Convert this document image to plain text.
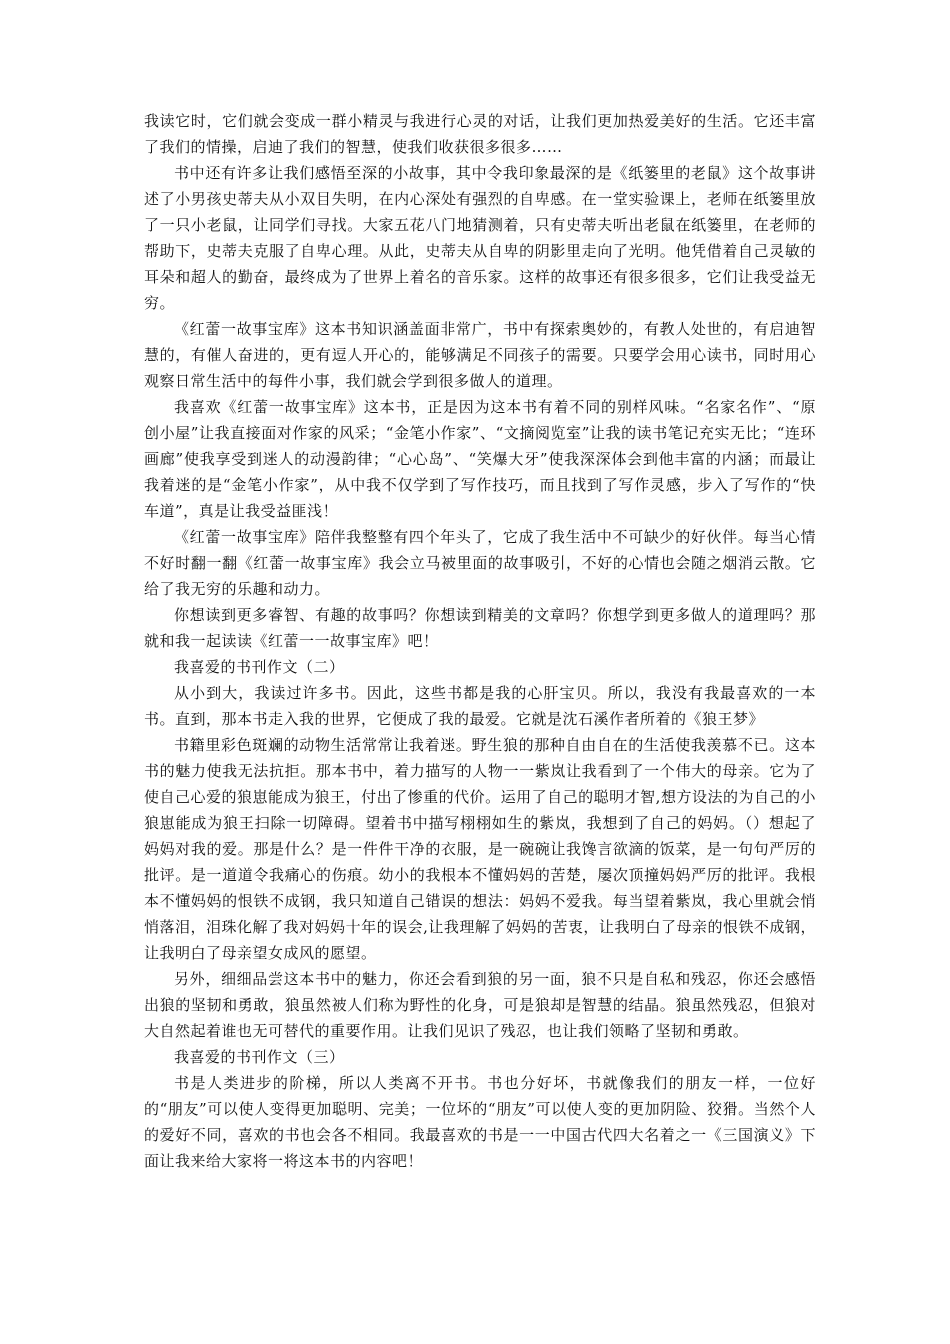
我读它时，它们就会变成一群小精灵与我进行心灵的对话，让我们更加热爱美好的生活。它还丰富了我们的情操，启迪了我们的智慧，使我们收获很多很多……

书中还有许多让我们感悟至深的小故事，其中令我印象最深的是《纸篓里的老鼠》这个故事讲述了小男孩史蒂夫从小双目失明，在内心深处有强烈的自卑感。在一堂实验课上，老师在纸篓里放了一只小老鼠，让同学们寻找。大家五花八门地猜测着，只有史蒂夫听出老鼠在纸篓里，在老师的帮助下，史蒂夫克服了自卑心理。从此，史蒂夫从自卑的阴影里走向了光明。他凭借着自己灵敏的耳朵和超人的勤奋，最终成为了世界上着名的音乐家。这样的故事还有很多很多，它们让我受益无穷。

《红蕾一故事宝库》这本书知识涵盖面非常广，书中有探索奥妙的，有教人处世的，有启迪智慧的，有催人奋进的，更有逗人开心的，能够满足不同孩子的需要。只要学会用心读书，同时用心观察日常生活中的每件小事，我们就会学到很多做人的道理。

我喜欢《红蕾一故事宝库》这本书，正是因为这本书有着不同的别样风味。“名家名作”、“原创小屋”让我直接面对作家的风采；“金笔小作家”、“文摘阅览室”让我的读书笔记充实无比；“连环画廊”使我享受到迷人的动漫韵律；“心心岛”、“笑爆大牙”使我深深体会到他丰富的内涵；而最让我着迷的是“金笔小作家”，从中我不仅学到了写作技巧，而且找到了写作灵感，步入了写作的“快车道”，真是让我受益匪浅！

《红蕾一故事宝库》陪伴我整整有四个年头了，它成了我生活中不可缺少的好伙伴。每当心情不好时翻一翻《红蕾一故事宝库》我会立马被里面的故事吸引，不好的心情也会随之烟消云散。它给了我无穷的乐趣和动力。

你想读到更多睿智、有趣的故事吗？你想读到精美的文章吗？你想学到更多做人的道理吗？那就和我一起读读《红蕾一一故事宝库》吧！

我喜爱的书刊作文（二）

从小到大，我读过许多书。因此，这些书都是我的心肝宝贝。所以，我没有我最喜欢的一本书。直到，那本书走入我的世界，它便成了我的最爱。它就是沈石溪作者所着的《狼王梦》

书籍里彩色斑斓的动物生活常常让我着迷。野生狼的那种自由自在的生活使我羡慕不已。这本书的魅力使我无法抗拒。那本书中，着力描写的人物一一紫岚让我看到了一个伟大的母亲。它为了使自己心爱的狼崽能成为狼王，付出了惨重的代价。运用了自己的聪明才智,想方设法的为自己的小狼崽能成为狼王扫除一切障碍。望着书中描写栩栩如生的紫岚，我想到了自己的妈妈。（）想起了妈妈对我的爱。那是什么？是一件件干净的衣服，是一碗碗让我馋言欲滴的饭菜，是一句句严厉的批评。是一道道令我痛心的伤痕。幼小的我根本不懂妈妈的苦楚，屡次顶撞妈妈严厉的批评。我根本不懂妈妈的恨铁不成钢，我只知道自己错误的想法：妈妈不爱我。每当望着紫岚，我心里就会悄悄落泪，泪珠化解了我对妈妈十年的误会,让我理解了妈妈的苦衷，让我明白了母亲的恨铁不成钢，让我明白了母亲望女成风的愿望。

另外，细细品尝这本书中的魅力，你还会看到狼的另一面，狼不只是自私和残忍，你还会感悟出狼的坚韧和勇敢，狼虽然被人们称为野性的化身，可是狼却是智慧的结晶。狼虽然残忍，但狼对大自然起着谁也无可替代的重要作用。让我们见识了残忍，也让我们领略了坚韧和勇敢。

我喜爱的书刊作文（三）

书是人类进步的阶梯，所以人类离不开书。书也分好坏，书就像我们的朋友一样，一位好的“朋友”可以使人变得更加聪明、完美；一位坏的“朋友”可以使人变的更加阴险、狡猾。当然个人的爱好不同，喜欢的书也会各不相同。我最喜欢的书是一一中国古代四大名着之一《三国演义》下面让我来给大家将一将这本书的内容吧！
